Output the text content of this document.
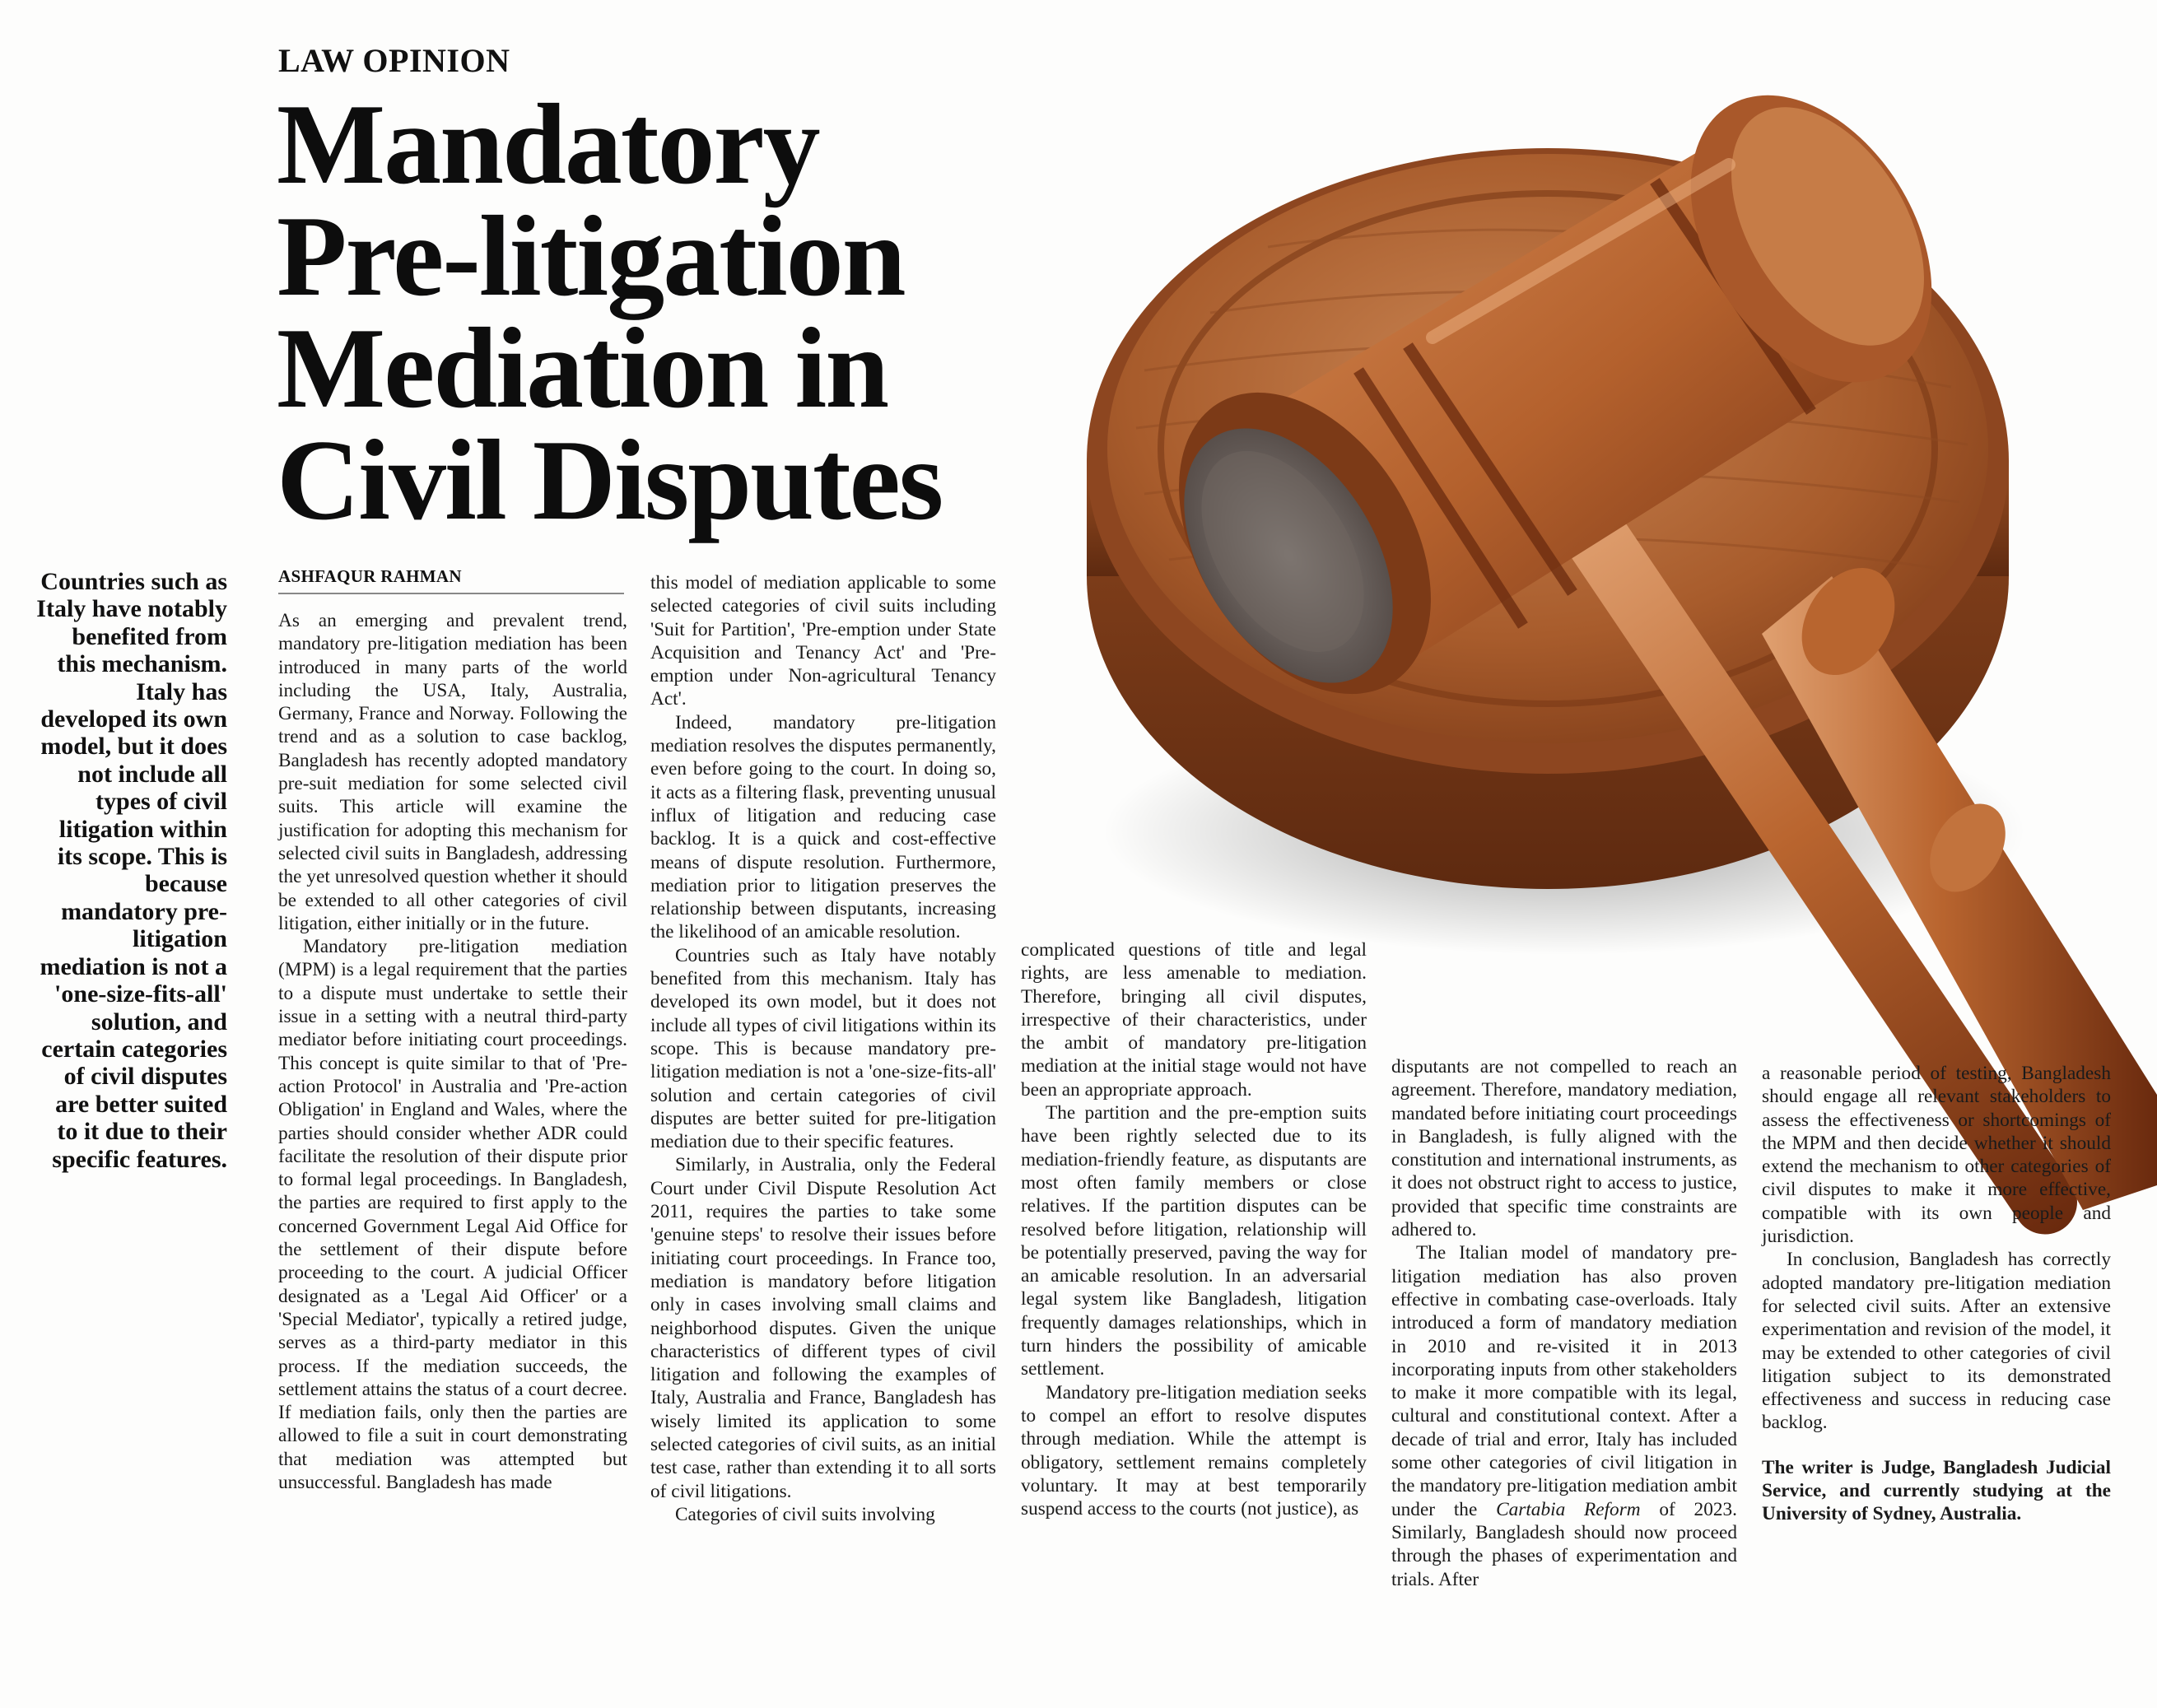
LAW OPINION
Mandatory
Pre-litigation
Mediation in
Civil Disputes
Countries such as Italy have notably benefited from this mechanism. Italy has developed its own model, but it does not include all types of civil litigation within its scope. This is because mandatory pre-litigation mediation is not a 'one-size-fits-all' solution, and certain categories of civil disputes are better suited to it due to their specific features.
ASHFAQUR RAHMAN

As an emerging and prevalent trend, mandatory pre-litigation mediation has been introduced in many parts of the world including the USA, Italy, Australia, Germany, France and Norway. Following the trend and as a solution to case backlog, Bangladesh has recently adopted mandatory pre-suit mediation for some selected civil suits. This article will examine the justification for adopting this mechanism for selected civil suits in Bangladesh, addressing the yet unresolved question whether it should be extended to all other categories of civil litigation, either initially or in the future.

Mandatory pre-litigation mediation (MPM) is a legal requirement that the parties to a dispute must undertake to settle their issue in a setting with a neutral third-party mediator before initiating court proceedings. This concept is quite similar to that of 'Pre-action Protocol' in Australia and 'Pre-action Obligation' in England and Wales, where the parties should consider whether ADR could facilitate the resolution of their dispute prior to formal legal proceedings. In Bangladesh, the parties are required to first apply to the concerned Government Legal Aid Office for the settlement of their dispute before proceeding to the court. A judicial Officer designated as a 'Legal Aid Officer' or a 'Special Mediator', typically a retired judge, serves as a third-party mediator in this process. If the mediation succeeds, the settlement attains the status of a court decree. If mediation fails, only then the parties are allowed to file a suit in court demonstrating that mediation was attempted but unsuccessful. Bangladesh has made

this model of mediation applicable to some selected categories of civil suits including 'Suit for Partition', 'Pre-emption under State Acquisition and Tenancy Act' and 'Pre-emption under Non-agricultural Tenancy Act'.

Indeed, mandatory pre-litigation mediation resolves the disputes permanently, even before going to the court. In doing so, it acts as a filtering flask, preventing unusual influx of litigation and reducing case backlog. It is a quick and cost-effective means of dispute resolution. Furthermore, mediation prior to litigation preserves the relationship between disputants, increasing the likelihood of an amicable resolution.

Countries such as Italy have notably benefited from this mechanism. Italy has developed its own model, but it does not include all types of civil litigations within its scope. This is because mandatory pre-litigation mediation is not a 'one-size-fits-all' solution and certain categories of civil disputes are better suited for pre-litigation mediation due to their specific features.

Similarly, in Australia, only the Federal Court under Civil Dispute Resolution Act 2011, requires the parties to take some 'genuine steps' to resolve their issues before initiating court proceedings. In France too, mediation is mandatory before litigation only in cases involving small claims and neighborhood disputes. Given the unique characteristics of different types of civil litigation and following the examples of Italy, Australia and France, Bangladesh has wisely limited its application to some selected categories of civil suits, as an initial test case, rather than extending it to all sorts of civil litigations.

Categories of civil suits involving

complicated questions of title and legal rights, are less amenable to mediation. Therefore, bringing all civil disputes, irrespective of their characteristics, under the ambit of mandatory pre-litigation mediation at the initial stage would not have been an appropriate approach.

The partition and the pre-emption suits have been rightly selected due to its mediation-friendly feature, as disputants are most often family members or close relatives. If the partition disputes can be resolved before litigation, relationship will be potentially preserved, paving the way for an amicable resolution. In an adversarial legal system like Bangladesh, litigation frequently damages relationships, which in turn hinders the possibility of amicable settlement.

Mandatory pre-litigation mediation seeks to compel an effort to resolve disputes through mediation. While the attempt is obligatory, settlement remains completely voluntary. It may at best temporarily suspend access to the courts (not justice), as

disputants are not compelled to reach an agreement. Therefore, mandatory mediation, mandated before initiating court proceedings in Bangladesh, is fully aligned with the constitution and international instruments, as it does not obstruct right to access to justice, provided that specific time constraints are adhered to.

The Italian model of mandatory pre-litigation mediation has also proven effective in combating case-overloads. Italy introduced a form of mandatory mediation in 2010 and re-visited it in 2013 incorporating inputs from other stakeholders to make it more compatible with its legal, cultural and constitutional context. After a decade of trial and error, Italy has included some other categories of civil litigation in the mandatory pre-litigation mediation ambit under the Cartabia Reform of 2023. Similarly, Bangladesh should now proceed through the phases of experimentation and trials. After

a reasonable period of testing, Bangladesh should engage all relevant stakeholders to assess the effectiveness or shortcomings of the MPM and then decide whether it should extend the mechanism to other categories of civil disputes to make it more effective, compatible with its own people and jurisdiction.

In conclusion, Bangladesh has correctly adopted mandatory pre-litigation mediation for selected civil suits. After an extensive experimentation and revision of the model, it may be extended to other categories of civil litigation subject to its demonstrated effectiveness and success in reducing case backlog.

The writer is Judge, Bangladesh Judicial Service, and currently studying at the University of Sydney, Australia.
